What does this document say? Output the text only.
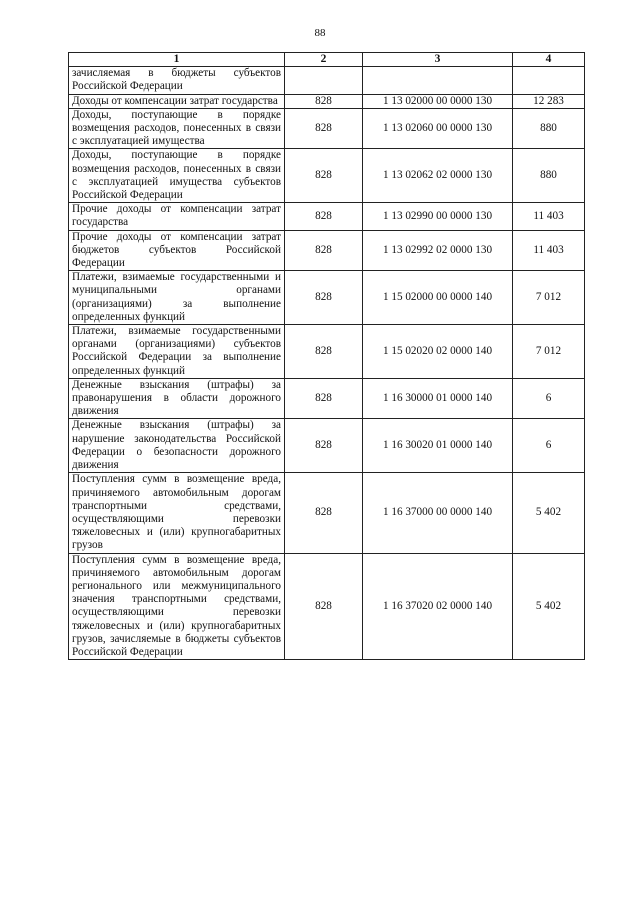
88
1	2	3	4
зачисляемая в бюджеты субъектов Российской Федерации			
Доходы от компенсации затрат государства	828	1 13 02000 00 0000 130	12 283
Доходы, поступающие в порядке возмещения расходов, понесенных в связи с эксплуатацией имущества	828	1 13 02060 00 0000 130	880
Доходы, поступающие в порядке возмещения расходов, понесенных в связи с эксплуатацией имущества субъектов Российской Федерации	828	1 13 02062 02 0000 130	880
Прочие доходы от компенсации затрат государства	828	1 13 02990 00 0000 130	11 403
Прочие доходы от компенсации затрат бюджетов субъектов Российской Федерации	828	1 13 02992 02 0000 130	11 403
Платежи, взимаемые государственными и муниципальными органами (организациями) за выполнение определенных функций	828	1 15 02000 00 0000 140	7 012
Платежи, взимаемые государственными органами (организациями) субъектов Российской Федерации за выполнение определенных функций	828	1 15 02020 02 0000 140	7 012
Денежные взыскания (штрафы) за правонарушения в области дорожного движения	828	1 16 30000 01 0000 140	6
Денежные взыскания (штрафы) за нарушение законодательства Российской Федерации о безопасности дорожного движения	828	1 16 30020 01 0000 140	6
Поступления сумм в возмещение вреда, причиняемого автомобильным дорогам транспортными средствами, осуществляющими перевозки тяжеловесных и (или) крупногабаритных грузов	828	1 16 37000 00 0000 140	5 402
Поступления сумм в возмещение вреда, причиняемого автомобильным дорогам регионального или межмуниципального значения транспортными средствами, осуществляющими перевозки тяжеловесных и (или) крупногабаритных грузов, зачисляемые в бюджеты субъектов Российской Федерации	828	1 16 37020 02 0000 140	5 402
